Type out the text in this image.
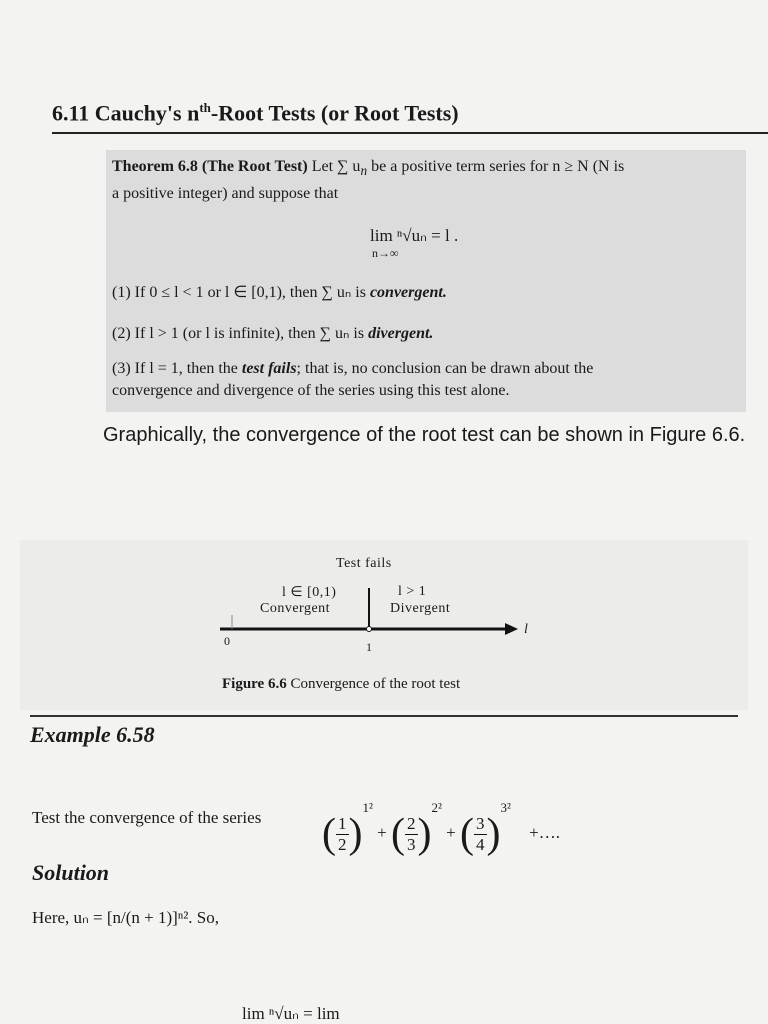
6.11 Cauchy's $n^{th}$-Root Tests (or Root Tests)
Theorem 6.8 (The Root Test) Let ∑ $u_n$ be a positive term series for n ≥ N (N is
a positive integer) and suppose that
lim ⁿ√uₙ = l .
n→∞
(1) If 0 ≤ l < 1 or l ∈ [0,1), then ∑ uₙ is convergent.
(2) If l > 1 (or l is infinite), then ∑ uₙ is divergent.
(3) If l = 1, then the test fails; that is, no conclusion can be drawn about the
convergence and divergence of the series using this test alone.
Graphically, the convergence of the root test can be shown in Figure 6.6.
Test fails
l ∈ [0,1)
Convergent
l > 1
Divergent
0	1
l
Figure 6.6 Convergence of the root test
Example 6.58
Test the convergence of the series ( $\frac{1}{2} )^{1^2}$ + ( $\frac{2}{3} )^{2^2}$ + ( $\frac{3}{4} )^{3^2}$ +….
Solution
Here, uₙ = [n/(n + 1)]ⁿ². So,
lim ⁿ√uₙ = lim
